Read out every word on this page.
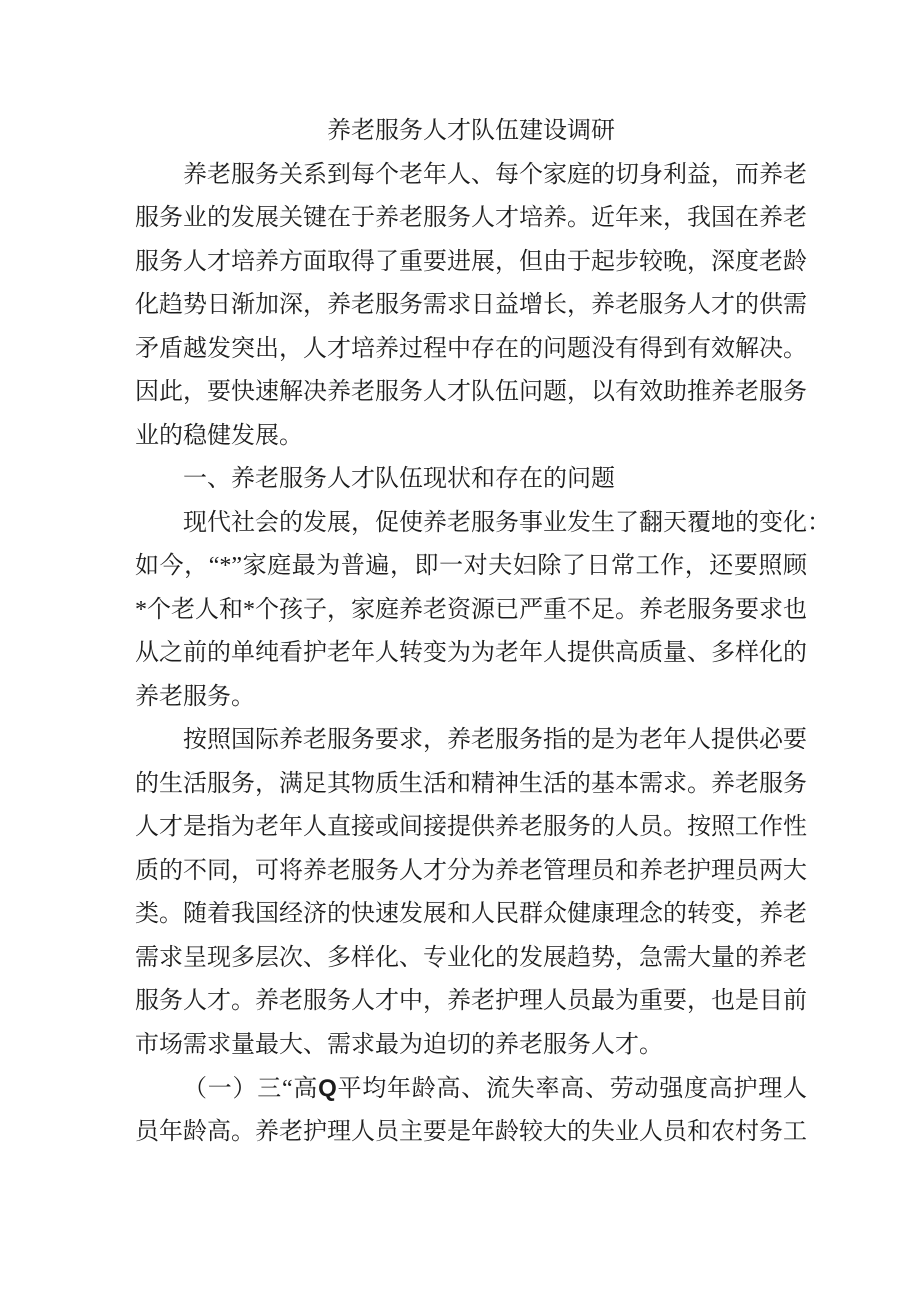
养老服务人才队伍建设调研
养老服务关系到每个老年人、每个家庭的切身利益，而养老
服务业的发展关键在于养老服务人才培养。近年来，我国在养老
服务人才培养方面取得了重要进展，但由于起步较晚，深度老龄
化趋势日渐加深，养老服务需求日益增长，养老服务人才的供需
矛盾越发突出，人才培养过程中存在的问题没有得到有效解决。
因此，要快速解决养老服务人才队伍问题，以有效助推养老服务
业的稳健发展。
一、养老服务人才队伍现状和存在的问题
现代社会的发展，促使养老服务事业发生了翻天覆地的变化：
如今，“*”家庭最为普遍，即一对夫妇除了日常工作，还要照顾
*个老人和*个孩子，家庭养老资源已严重不足。养老服务要求也
从之前的单纯看护老年人转变为为老年人提供高质量、多样化的
养老服务。
按照国际养老服务要求，养老服务指的是为老年人提供必要
的生活服务，满足其物质生活和精神生活的基本需求。养老服务
人才是指为老年人直接或间接提供养老服务的人员。按照工作性
质的不同，可将养老服务人才分为养老管理员和养老护理员两大
类。随着我国经济的快速发展和人民群众健康理念的转变，养老
需求呈现多层次、多样化、专业化的发展趋势，急需大量的养老
服务人才。养老服务人才中，养老护理人员最为重要，也是目前
市场需求量最大、需求最为迫切的养老服务人才。
（一）三“高Q平均年龄高、流失率高、劳动强度高护理人
员年龄高。养老护理人员主要是年龄较大的失业人员和农村务工
